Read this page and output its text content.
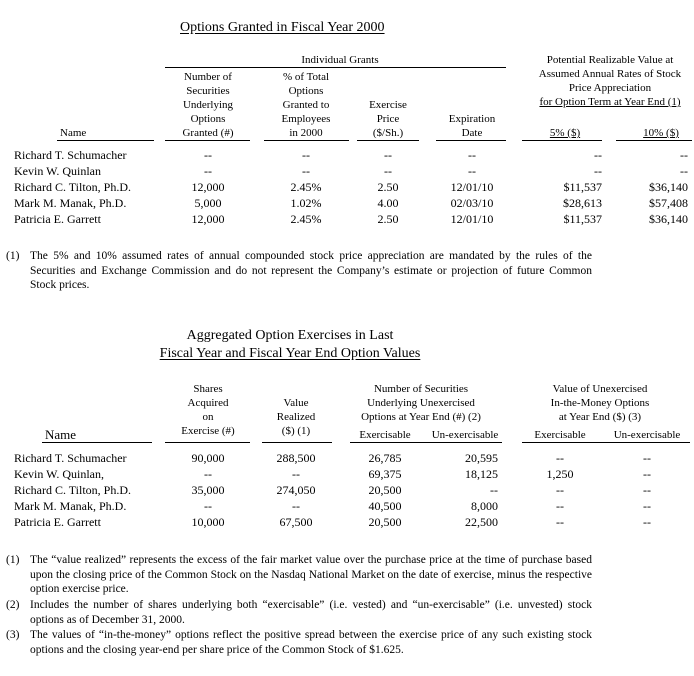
Options Granted in Fiscal Year 2000
Individual Grants	Potential Realizable Value at
Assumed Annual Rates of Stock
Price Appreciation
for Option Term at Year End (1)
Number of
Securities
Underlying
Options
Granted (#)
% of Total
Options
Granted to
Employees
in 2000
Exercise
Price
($/Sh.)
Expiration
Date
Name	5% ($)	10% ($)
Richard T. Schumacher	--	--	--	--	--	--
Kevin W. Quinlan	--	--	--	--	--	--
Richard C. Tilton, Ph.D.	12,000	2.45%	2.50	12/01/10	$11,537	$36,140
Mark M. Manak, Ph.D.	5,000	1.02%	4.00	02/03/10	$28,613	$57,408
Patricia E. Garrett	12,000	2.45%	2.50	12/01/10	$11,537	$36,140
(1) The 5% and 10% assumed rates of annual compounded stock price appreciation are mandated by the rules of the Securities and Exchange Commission and do not represent the Company’s estimate or projection of future Common Stock prices.
Aggregated Option Exercises in Last
Fiscal Year and Fiscal Year End Option Values
Shares
Acquired
on
Exercise (#)
Value
Realized
($) (1)
Number of Securities
Underlying Unexercised
Options at Year End (#) (2)
Value of Unexercised
In-the-Money Options
at Year End ($) (3)
Name	Exercisable	Un-exercisable	Exercisable	Un-exercisable
Richard T. Schumacher	90,000	288,500	26,785	20,595	--	--
Kevin W. Quinlan,	--	--	69,375	18,125	1,250	--
Richard C. Tilton, Ph.D.	35,000	274,050	20,500	--	--	--
Mark M. Manak, Ph.D.	--	--	40,500	8,000	--	--
Patricia E. Garrett	10,000	67,500	20,500	22,500	--	--
(1) The “value realized” represents the excess of the fair market value over the purchase price at the time of purchase based upon the closing price of the Common Stock on the Nasdaq National Market on the date of exercise, minus the respective option exercise price.
(2) Includes the number of shares underlying both “exercisable” (i.e. vested) and “un-exercisable” (i.e. unvested) stock options as of December 31, 2000.
(3) The values of “in-the-money” options reflect the positive spread between the exercise price of any such existing stock options and the closing year-end per share price of the Common Stock of $1.625.
